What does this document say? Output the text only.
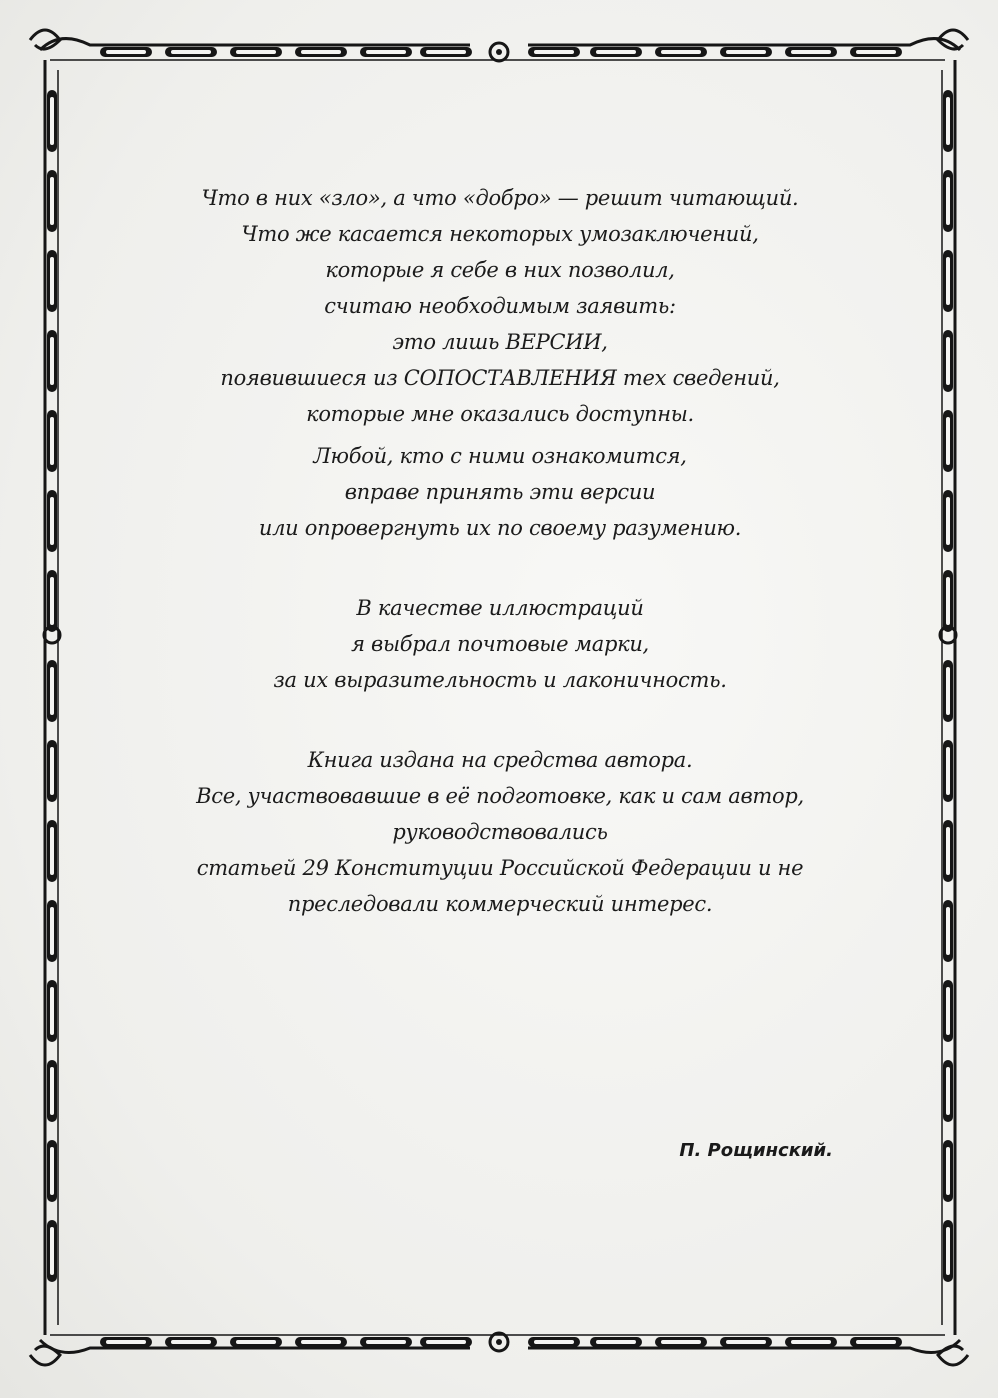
Что в них «зло», а что «добро» — решит читающий.
Что же касается некоторых умозаключений,
которые я себе в них позволил,
считаю необходимым заявить:
это лишь ВЕРСИИ,
появившиеся из СОПОСТАВЛЕНИЯ тех сведений,
которые мне оказались доступны.
Любой, кто с ними ознакомится,
вправе принять эти версии
или опровергнуть их по своему разумению.
В качестве иллюстраций
я выбрал почтовые марки,
за их выразительность и лаконичность.
Книга издана на средства автора.
Все, участвовавшие в её подготовке, как и сам автор,
руководствовались
статьей 29 Конституции Российской Федерации и не
преследовали коммерческий интерес.
П. Рощинский.
